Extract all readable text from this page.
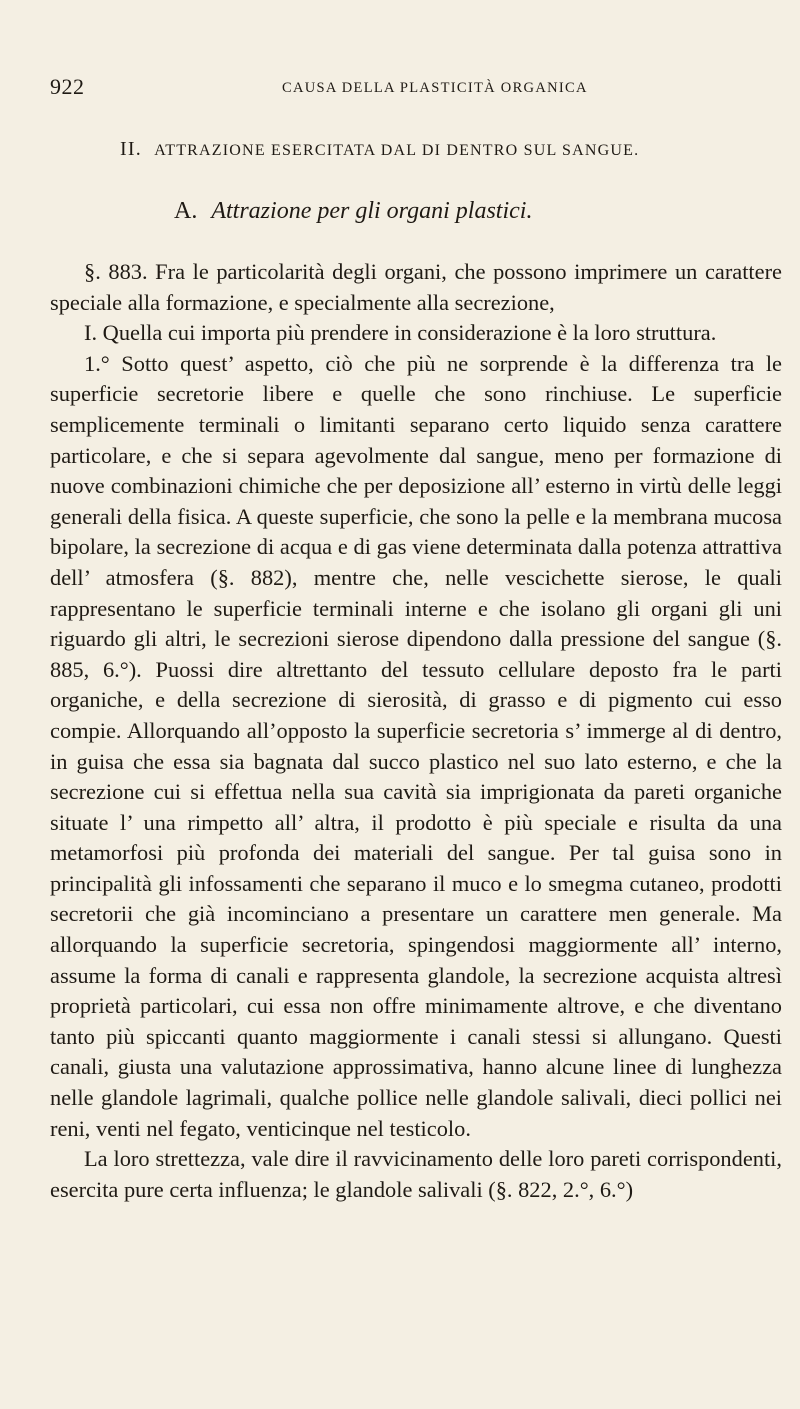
922	CAUSA DELLA PLASTICITÀ ORGANICA
II. ATTRAZIONE ESERCITATA DAL DI DENTRO SUL SANGUE.
A. Attrazione per gli organi plastici.

§. 883. Fra le particolarità degli organi, che possono imprimere un carattere speciale alla formazione, e specialmente alla secrezione,

I. Quella cui importa più prendere in considerazione è la loro struttura.

1.° Sotto quest’ aspetto, ciò che più ne sorprende è la differenza tra le superficie secretorie libere e quelle che sono rinchiuse. Le superficie semplicemente terminali o limitanti separano certo liquido senza carattere particolare, e che si separa agevolmente dal sangue, meno per formazione di nuove combinazioni chimiche che per deposizione all’ esterno in virtù delle leggi generali della fisica. A queste superficie, che sono la pelle e la membrana mucosa bipolare, la secrezione di acqua e di gas viene determinata dalla potenza attrattiva dell’ atmosfera (§. 882), mentre che, nelle vescichette sierose, le quali rappresentano le superficie terminali interne e che isolano gli organi gli uni riguardo gli altri, le secrezioni sierose dipendono dalla pressione del sangue (§. 885, 6.°). Puossi dire altrettanto del tessuto cellulare deposto fra le parti organiche, e della secrezione di sierosità, di grasso e di pigmento cui esso compie. Allorquando all’opposto la superficie secretoria s’ immerge al di dentro, in guisa che essa sia bagnata dal succo plastico nel suo lato esterno, e che la secrezione cui si effettua nella sua cavità sia imprigionata da pareti organiche situate l’ una rimpetto all’ altra, il prodotto è più speciale e risulta da una metamorfosi più profonda dei materiali del sangue. Per tal guisa sono in principalità gli infossamenti che separano il muco e lo smegma cutaneo, prodotti secretorii che già incominciano a presentare un carattere men generale. Ma allorquando la superficie secretoria, spingendosi maggiormente all’ interno, assume la forma di canali e rappresenta glandole, la secrezione acquista altresì proprietà particolari, cui essa non offre minimamente altrove, e che diventano tanto più spiccanti quanto maggiormente i canali stessi si allungano. Questi canali, giusta una valutazione approssimativa, hanno alcune linee di lunghezza nelle glandole lagrimali, qualche pollice nelle glandole salivali, dieci pollici nei reni, venti nel fegato, venticinque nel testicolo.

La loro strettezza, vale dire il ravvicinamento delle loro pareti corrispondenti, esercita pure certa influenza; le glandole salivali (§. 822, 2.°, 6.°)
